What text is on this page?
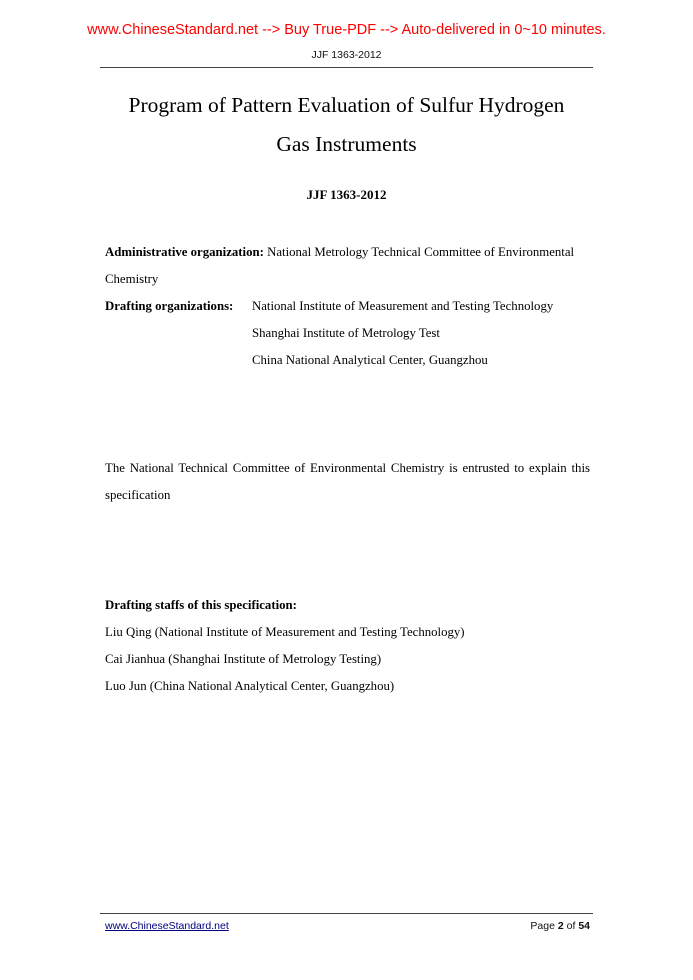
www.ChineseStandard.net --> Buy True-PDF --> Auto-delivered in 0~10 minutes.
JJF 1363-2012
Program of Pattern Evaluation of Sulfur Hydrogen
Gas Instruments
JJF 1363-2012

Administrative organization: National Metrology Technical Committee of Environmental Chemistry

Drafting organizations:	National Institute of Measurement and Testing Technology
Shanghai Institute of Metrology Test
China National Analytical Center, Guangzhou

The National Technical Committee of Environmental Chemistry is entrusted to explain this specification

Drafting staffs of this specification:
Liu Qing (National Institute of Measurement and Testing Technology)
Cai Jianhua (Shanghai Institute of Metrology Testing)
Luo Jun (China National Analytical Center, Guangzhou)
www.ChineseStandard.net	Page 2 of 54
